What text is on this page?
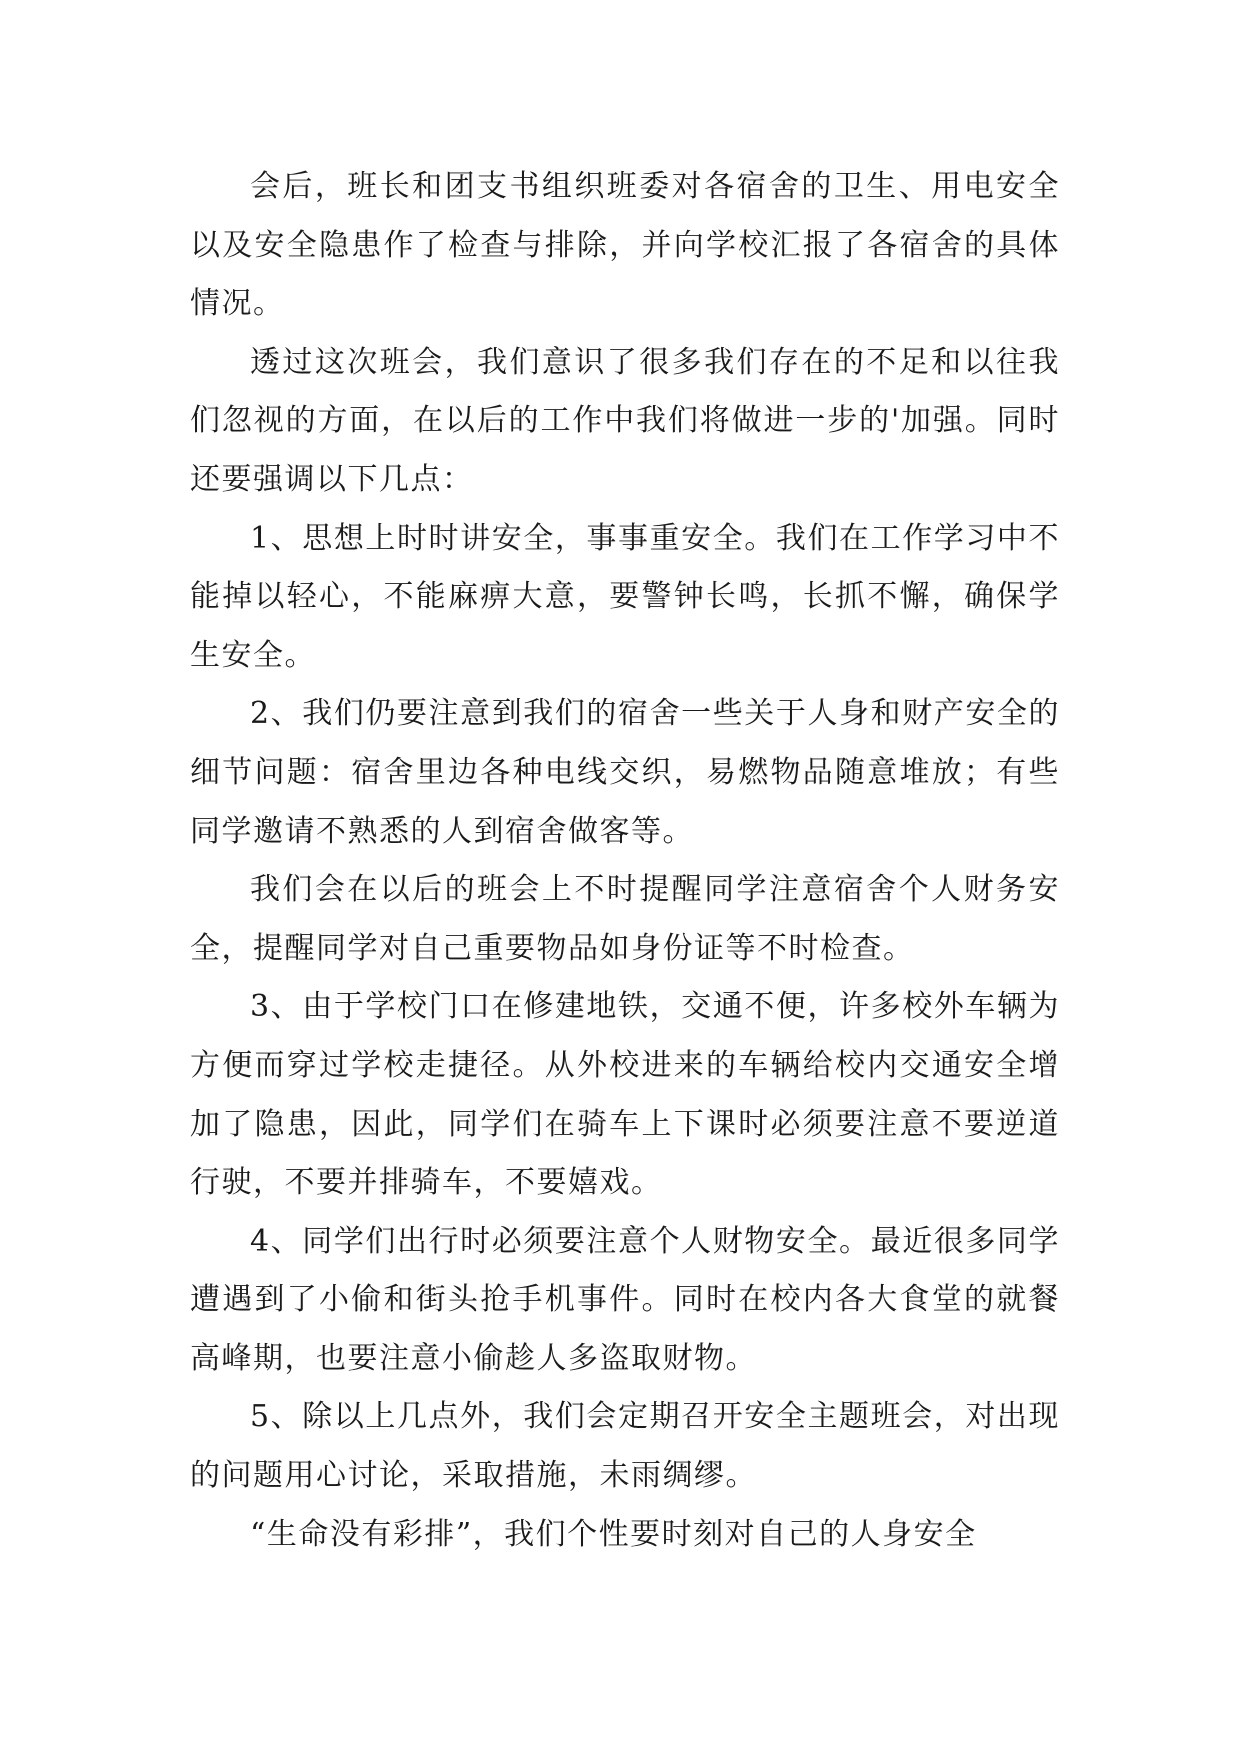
会后，班长和团支书组织班委对各宿舍的卫生、用电安全以及安全隐患作了检查与排除，并向学校汇报了各宿舍的具体情况。

透过这次班会，我们意识了很多我们存在的不足和以往我们忽视的方面，在以后的工作中我们将做进一步的'加强。同时还要强调以下几点：

1、思想上时时讲安全，事事重安全。我们在工作学习中不能掉以轻心，不能麻痹大意，要警钟长鸣，长抓不懈，确保学生安全。

2、我们仍要注意到我们的宿舍一些关于人身和财产安全的细节问题：宿舍里边各种电线交织，易燃物品随意堆放；有些同学邀请不熟悉的人到宿舍做客等。

我们会在以后的班会上不时提醒同学注意宿舍个人财务安全，提醒同学对自己重要物品如身份证等不时检查。

3、由于学校门口在修建地铁，交通不便，许多校外车辆为方便而穿过学校走捷径。从外校进来的车辆给校内交通安全增加了隐患，因此，同学们在骑车上下课时必须要注意不要逆道行驶，不要并排骑车，不要嬉戏。

4、同学们出行时必须要注意个人财物安全。最近很多同学遭遇到了小偷和街头抢手机事件。同时在校内各大食堂的就餐高峰期，也要注意小偷趁人多盗取财物。

5、除以上几点外，我们会定期召开安全主题班会，对出现的问题用心讨论，采取措施，未雨绸缪。

“生命没有彩排”，我们个性要时刻对自己的人身安全
